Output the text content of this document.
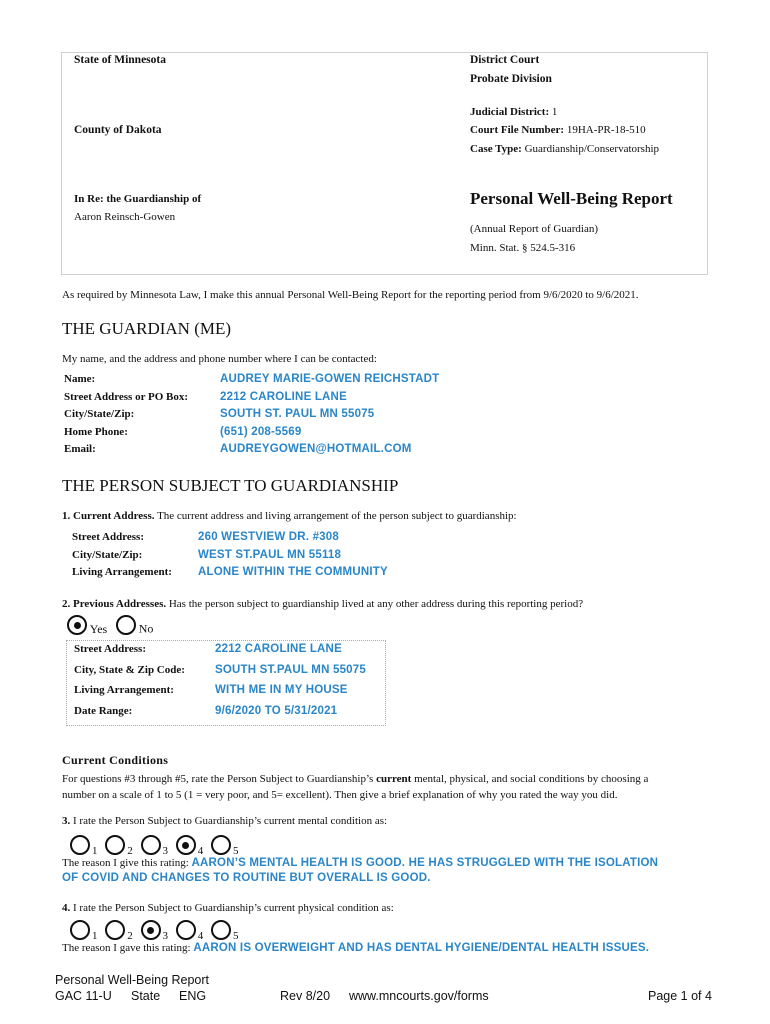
State of Minnesota	District Court
Probate Division
Judicial District: 1
County of Dakota	Court File Number: 19HA-PR-18-510
Case Type: Guardianship/Conservatorship
In Re: the Guardianship of
Aaron Reinsch-Gowen
Personal Well-Being Report
(Annual Report of Guardian)
Minn. Stat. § 524.5-316
As required by Minnesota Law, I make this annual Personal Well-Being Report for the reporting period from 9/6/2020 to 9/6/2021.
THE GUARDIAN (ME)
My name, and the address and phone number where I can be contacted:
Name:	AUDREY MARIE-GOWEN REICHSTADT
Street Address or PO Box:	2212 CAROLINE LANE
City/State/Zip:	SOUTH ST. PAUL MN 55075
Home Phone:	(651) 208-5569
Email:	AUDREYGOWEN@HOTMAIL.COM
THE PERSON SUBJECT TO GUARDIANSHIP
1. Current Address. The current address and living arrangement of the person subject to guardianship:
Street Address:	260 WESTVIEW DR. #308
City/State/Zip:	WEST ST.PAUL MN 55118
Living Arrangement:	ALONE WITHIN THE COMMUNITY
2. Previous Addresses. Has the person subject to guardianship lived at any other address during this reporting period?
Yes	No
Street Address:	2212 CAROLINE LANE
City, State & Zip Code:	SOUTH ST.PAUL MN 55075
Living Arrangement:	WITH ME IN MY HOUSE
Date Range:	9/6/2020 TO 5/31/2021
Current Conditions
For questions #3 through #5, rate the Person Subject to Guardianship’s current mental, physical, and social conditions by choosing a
number on a scale of 1 to 5 (1 = very poor, and 5= excellent). Then give a brief explanation of why you rated the way you did.
3. I rate the Person Subject to Guardianship’s current mental condition as:
1	2	3	4	5
The reason I give this rating: AARON’S MENTAL HEALTH IS GOOD. HE HAS STRUGGLED WITH THE ISOLATION
OF COVID AND CHANGES TO ROUTINE BUT OVERALL IS GOOD.
4. I rate the Person Subject to Guardianship’s current physical condition as:
1	2	3	4	5
The reason I gave this rating: AARON IS OVERWEIGHT AND HAS DENTAL HYGIENE/DENTAL HEALTH ISSUES.
Personal Well-Being Report
GAC 11-U State ENG	Rev 8/20 www.mncourts.gov/forms	Page 1 of 4
